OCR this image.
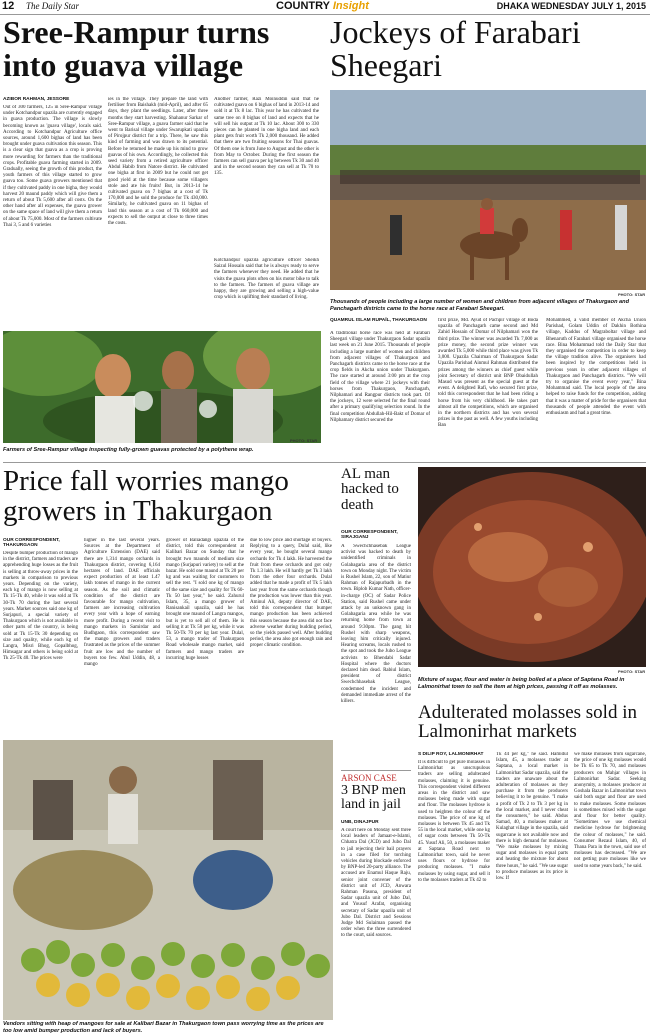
12 The Daily Star	COUNTRY Insight	DHAKA WEDNESDAY JULY 1, 2015
Sree-Rampur turns into guava village
AZIBOR RAHMAN, JESSORE
Out of 300 farmers, 125 in Sree-Rampur village under Kotchandpur upazila are currently engaged in guava production. The village is slowly becoming known as 'guava village', locals said. According to Kotchandpur Agriculture office sources, around 1,600 bighas of land has been brought under guava cultivation this season. This is a clear sign that guava as a crop is proving more rewarding for farmers than the traditional crops. Profitable guava farming started in 2009. Gradually, seeing the growth of this product, the youth farmers of this village started to grow guava too. Some guava growers mentioned that if they cultivated paddy in one bigha, they would harvest 20 maund paddy which will give them a return of about Tk 5,600 after all costs. On the other hand after all expenses, the guava grower on the same space of land will give them a return of about Tk 75,000. Most of the farmers cultivate Thai 3, 5 and 6 varieties
ies in the village. They prepare the land with fertiliser from Baishakh (mid-April), and after 65 days, they plant the seedlings. Later, after three months they start harvesting. Shahanur Sarkar of Sree-Rampur village, a guava farmer said that he went to Barisal village under Swarupkati upazila of Pirojpur district for a trip. There, he saw this kind of farming and was drawn to its potential. Before he returned he made up his mind to grow guavas of his own. Accordingly, he collected this seed variety from a retired agriculture officer Abdul Habib from Natore district. He cultivated one bigha at first in 2009 but he could not get good yield at the time because some villagers stole and ate his fruits! But, in 2013-14 he cultivated guava on 7 bighas at a cost of Tk 170,000 and he sold the produce for Tk 430,000. Similarly, he cultivated guava on 11 bighas of land this season at a cost of Tk 660,000 and expects to sell the output at close to three times the costs.
Another farmer, Razi Moinuddin said that he cultivated guava on 6 bighas of land in 2013-14 and sold it at Tk 8 lac. This year he has cultivated the same tree on 8 bighas of land and expects that he will sell his output at Tk 10 lac. About 300 to 330 pieces can be planted in one bigha land and each plant gets fruit worth Tk 2,000 thousand. He added that there are two fruiting seasons for Thai guavas. Of them one is from June to August and the other is from May to October. During the first season the farmers can sell guava per kg between Tk 30 and 40 and in the second season they can sell at Tk 70 to 135.
Kotchandpur upazila agriculture officer Sheikh Saizul Hossain said that he is always ready to serve the farmers whenever they need. He added that he visits the guava plots often on his motor bike to talk to the farmers. The farmers of guava village are happy, they are growing and selling a high-value crop which is uplifting their standard of living.
PHOTO: STAR
Farmers of Sree-Rampur village inspecting fully-grown guavas protected by a polythene wrap.
Jockeys of Farabari Sheegari
PHOTO: STAR
Thousands of people including a large number of women and children from adjacent villages of Thakurgaon and Panchagarh districts came to the horse race at Farabari Sheegari.
QUAMRUL ISLAM RUPAÏL, THAKURGAON
A traditional horse race was held at Farabari Sheegari village under Thakurgaon Sadar upazila last week on 21 June 2015. Thousands of people including a large number of women and children from adjacent villages of Thakurgaon and Panchagarh districts came to the horse race at the crop fields in Akcha union under Thakurgaon. The race started at around 3:00 pm at the crop field of the village where 21 jockeys with their horses from Thakurgaon, Panchagarh, Nilphamari and Rangpur districts took part. Of the jockeys, 12 were selected for the final round after a primary qualifying selection round. In the final competition Abdullah-Hil-Bakt of Domar of Nilphamary district secured the
first prize, Md. Ayud of Pachpir village of Boda upazila of Panchagarh came second and Md Zahid Hossain of Domar of Nilphamari won the third prize. The winner was awarded Tk 7,000 as prize money, the second prize winner was awarded Tk 5,000 while third place was given Tk 3,000. Upazila Chairman of Thakurgaon Sadar Upazila Parishad Ainmul Rahman distributed the prizes among the winners as chief guest while joint Secretary of district unit BNP Obaidullah Masud was present as the special guest at the event. A delighted Rafi, who secured first prize, told this correspondent that he had been riding a horse from his very childhood. He takes part almost all the competitions, which are organised in the northern districts and has won several prizes in the past as well. A few youths including Ban
Mohammed, a valid member of Akcha Union Parishad, Golam Uddin of Dakhin Bothina village, Kaddus of Magraboltar village and Bhenaruth of Farabari village organised the horse race. Bina Mohammad told the Daily Star that they organised the competition in order to keep the village tradition alive. The organisers had been inspired by the competitions held in previous years in other adjacent villages of Thakurgaon and Panchagarh districts. "We will try to organise the event every year," Bina Mohammad said. The local people of the area helped to raise funds for the competition, adding that it was a matter of pride for the organisers that thousands of people attended the event with enthusiasm and had a great time.
Price fall worries mango growers in Thakurgaon
OUR CORRESPONDENT, THAKURGAON
Despite bumper production of mango in the district, farmers and traders are apprehending huge losses as the fruit is selling at throw-away prices in the markets in comparison to previous years. Depending on the variety, each kg of mango is now selling at Tk 15-Tk 40, while it was sold at Tk 30-Tk 70 during the last several years. Market sources said one kg of Surjapuri, a special variety of Thakurgaon which is not available in other parts of the country, is being sold at Tk 15-Tk 30 depending on size and quality, while each kg of Langra, Misri Bhog, Gopalbhog, Himsagar and others is being sold at Tk 25-Tk 40. The prices were
higher in the last several years. Sources at the Department of Agriculture Extension (DAE) said there are 1,314 mango orchards in Thakurgaon district, covering 6,164 hectares of land. DAE officials expect production of at least 1.47 lakh tonnes of mango in the current season. As the soil and climatic condition of the district are favourable for mango cultivation, farmers are increasing cultivation every year with a hope of earning more profit. During a recent visit to mango markets in Samirdar and Budhgaon, this correspondent saw the mango growers and traders frustrated as the prices of the summer fruit are low and the number of buyers too few. Abul Uddin, 48, a mango
grower of Baliadangi upazila of the district, told this correspondent at Kalibari Bazar on Sunday that he brought two maunds of medium size mango (Surjapuri variety) to sell at the bazar. He sold one maund at Tk 20 per kg and was waiting for customers to sell the rest. "I sold one kg of mango of the same size and quality for Tk 60-Tk 50 last year," he said. Zahurul Islam, 35, a mango grower of Ranisankail upazila, said he has brought one maund of Langra mangos, but is yet to sell all of them. He is selling it at Tk 50 per kg, while it was Tk 50-Tk 70 per kg last year. Dulal, 53, a mango trader of Thakurgaon Road wholesale mango market, said farmers and mango traders are incurring huge losses
due to low price and shortage of buyers. Replying to a query, Dulal said, like every year, he bought several mango orchards for Tk 4 lakh. He harvested the fruit from these orchards and got only Tk 1.3 lakh. He will hardly get Tk 3 lakh from the other four orchards. Dulal added that he made a profit of Tk 5 lakh last year from the same orchards though the production was lower than this year. Aminul Ali, deputy director of DAE, told this correspondent that bumper mango production has been achieved this season because the area did not face adverse weather during budding period, so the yields passed well. After budding period, the area also got enough rain and proper climatic condition.
Vendors sitting with heap of mangoes for sale at Kalibari Bazar in Thakurgaon town pass worrying time as the prices are too low amid bumper production and lack of buyers.
AL man hacked to death
OUR CORRESPONDENT, SIRAJGANJ
A Swechchhasebak League activist was hacked to death by unidentified criminals in Golabagaria area of the district town on Monday night. The victim is Rushel Islam, 22, son of Matiur Rahman of Rajapurbadh in the town. Biplob Kumar Nath, officer-in-charge (OC) of Sadar Police Station, said Rushel came under attack by an unknown gang in Golabagaria area while he was returning home from town at around 9:30pm. The gang hit Rushel with sharp weapons, leaving him critically injured. Hearing screams, locals rushed to the spot and took the Jubo League activists to Bhendabi Sadar Hospital where the doctors declared him dead. Rabiul Islam, president of district Swechchhasebak League, condemned the incident and demanded immediate arrest of the killers.
ARSON CASE
3 BNP men land in jail
UNB, DINAJPUR
A court here on Monday sent three local leaders of Jamaat-e-Islami, Chhatra Dal (JCD) and Jubo Dal to jail rejecting their bail prayers in a case filed for torching vehicles during blockade enforced by BNP-led 20-party alliance. The accused are Enamul Haque Raju, senior joint convener of the district unit of JCD, Anwara Rahman Pasona, president of Sadar upazila unit of Jubo Dal, and Yousuf Arafat, organising secretary of Sadar upazila unit of Jubo Dal. District and Sessions Judge Md Sulaiman passed the order when the three surrendered to the court, said sources.
PHOTO: STAR
Mixture of sugar, flour and water is being boiled at a place of Saptana Road in Lalmonirhat town to sell the item at high prices, passing it off as molasses.
Adulterated molasses sold in Lalmonirhat markets
S DILIP ROY, LALMONIRHAT
It is difficult to get pure molasses in Lalmonirhat as unscrupulous traders are selling adulterated molasses, claiming it is genuine. This correspondent visited different areas in the district and saw molasses being made with sugar and flour. The molasses hydrose is used to heighten the colour of the molasses. The price of one kg of molasses is between Tk 45 and Tk 55 in the local market, while one kg of sugar costs between Tk 50-Tk 45. Yusuf Ali, 50, a molasses maker at Saptana Road next to Lalmonirhat town, said he never uses flours or hydrose for producing molasses. "I make molasses by using sugar, and sell it to the molasses traders at Tk 42 to
Tk 44 per kg," he said. Hamidul Islam, 45, a molasses trader at Saptana, a local market in Lalmonirhat Sadar upazila, said the traders are unaware about the adulteration of molasses as they purchase it from the producers believing it to be genuine. "I make a profit of Tk 2 to Tk 3 per kg in the local market, and I never cheat the consumers," he said. Abdus Samad, 40, a molasses maker at Kulaghat village in the upazila, said sugarcane is not available now and there is high demand for molasses. "We make molasses by mixing sugar and molasses in equal parts and heating the mixture for about three hours," he said. "We use sugar to produce molasses as its price is low. If
we make molasses from sugarcane, the price of one kg molasses would be Tk 65 to Tk 70, and molasses producers on Mahjar villages in Lalmonirhat Sadar. Seeking anonymity, a molasses producer at Goshala Bazar in Lalmonirhat town said both sugar and flour are used to make molasses. Some molasses is sometimes mixed with the sugar and flour for better quality. "Sometimes we use chemical medicine hydrose for brightening the colour of molasses," he said. Consumer Rezaul Islam, 40, of Thana Para in the town, said use of molasses has decreased. "We are not getting pure molasses like we used to some years back," he said.
